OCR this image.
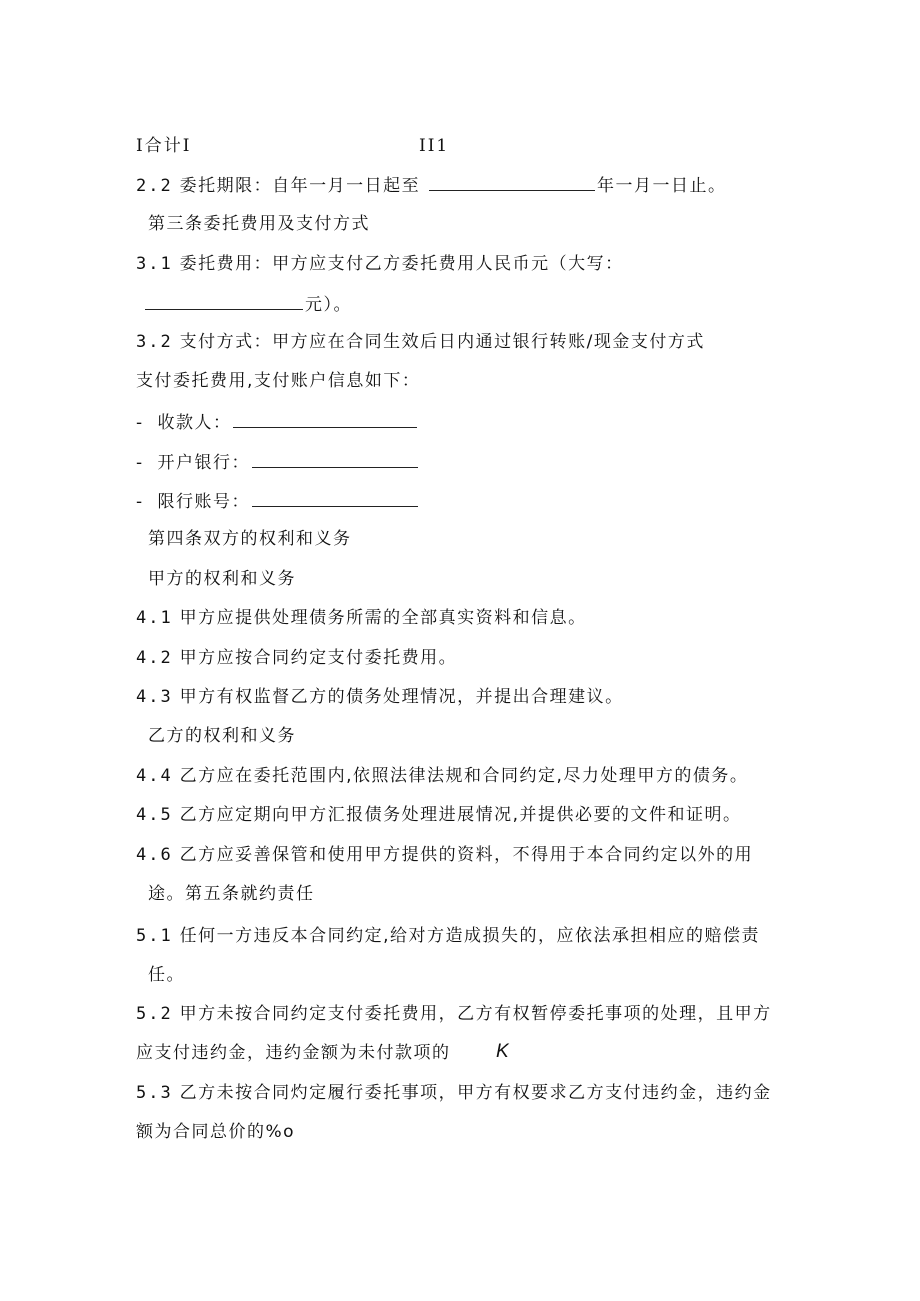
I合计I	II1
2.2 委托期限：自年一月一日起至	年一月一日止。
第三条委托费用及支付方式
3.1 委托费用：甲方应支付乙方委托费用人民币元（大写：
元）。
3.2 支付方式：甲方应在合同生效后日内通过银行转账/现金支付方式
支付委托费用,支付账户信息如下：
- 收款人：
- 开户银行：
- 限行账号：
第四条双方的权利和义务
甲方的权利和义务
4.1 甲方应提供处理债务所需的全部真实资料和信息。
4.2 甲方应按合同约定支付委托费用。
4.3 甲方有权监督乙方的债务处理情况，并提出合理建议。
乙方的权利和义务
4.4 乙方应在委托范围内,依照法律法规和合同约定,尽力处理甲方的债务。
4.5 乙方应定期向甲方汇报债务处理进展情况,并提供必要的文件和证明。
4.6 乙方应妥善保管和使用甲方提供的资料，不得用于本合同约定以外的用
途。第五条就约责任
5.1 任何一方违反本合同约定,给对方造成损失的，应依法承担相应的赔偿责
任。
5.2 甲方未按合同约定支付委托费用，乙方有权暂停委托事项的处理，且甲方
应支付违约金，违约金额为未付款项的 K
5.3 乙方未按合同灼定履行委托事项，甲方有权要求乙方支付违约金，违约金
额为合同总价的%o
